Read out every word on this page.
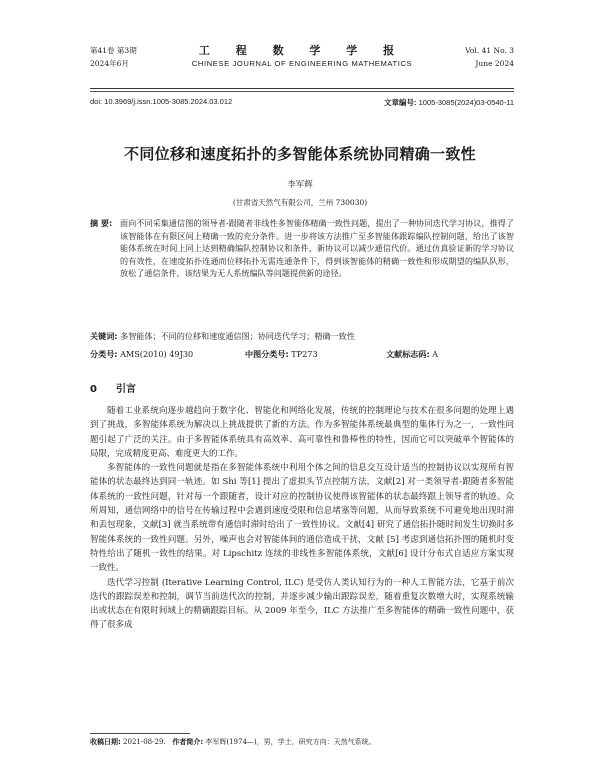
第41卷 第3期
2024年6月
工 程 数 学 学 报
CHINESE JOURNAL OF ENGINEERING MATHEMATICS
Vol. 41 No. 3
June 2024
doi: 10.3969/j.issn.1005-3085.2024.03.012	文章编号: 1005-3085(2024)03-0540-11
不同位移和速度拓扑的多智能体系统协同精确一致性
李军辉
(甘肃省天然气有限公司，兰州 730030)
摘 要: 面向不同采集通信图的领导者-跟随者非线性多智能体精确一致性问题，提出了一种协同迭代学习协议，推得了该智能体在有限区间上精确一致的充分条件。进一步将该方法推广至多智能体跟踪编队控制问题，给出了该智能体系统在时间上同上达到精确编队控制协议和条件，新协议可以减少通信代价。通过仿真验证新的学习协议的有效性，在速度拓扑连通而位移拓扑无需连通条件下，得到该智能体的精确一致性和形成期望的编队队形，放松了通信条件，该结果为无人系统编队等问题提供新的途径。
关键词: 多智能体；不同的位移和速度通信图；协同迭代学习；精确一致性
分类号: AMS(2010) 49J30	中图分类号: TP273	文献标志码: A
0 引言

随着工业系统向逐步越趋向于数字化、智能化和网络化发展，传统的控制理论与技术在很多问题的处理上遇到了挑战，多智能体系统为解决以上挑战提供了新的方法。作为多智能体系统最典型的集体行为之一，一致性问题引起了广泛的关注。由于多智能体系统具有高效率、高可靠性和鲁棒性的特性，因而它可以突破单个智能体的局限，完成精度更高、难度更大的工作。

多智能体的一致性问题就是指在多智能体系统中利用个体之间的信息交互设计适当的控制协议以实现所有智能体的状态最终达到同一轨迹。如 Shi 等[1] 提出了虚拟头节点控制方法，文献[2] 对一类领导者-跟随者多智能体系统的一致性问题，针对每一个跟随者，设计对应的控制协议使得该智能体的状态最终跟上领导者的轨迹。众所周知，通信网络中的信号在传输过程中会遇到速度受限和信息堵塞等问题，从而导致系统不可避免地出现时滞和丢包现象，文献[3] 就当系统带有通信时滞时给出了一致性协议。文献[4] 研究了通信拓扑随时间发生切换时多智能体系统的一致性问题。另外，噪声也会对智能体间的通信造成干扰，文献 [5] 考虑到通信拓扑图的随机时变特性给出了随机一致性的结果。对 Lipschitz 连续的非线性多智能体系统，文献[6] 设计分布式自适应方案实现一致性。

迭代学习控制 (Iterative Learning Control, ILC) 是受仿人类认知行为的一种人工智能方法，它基于前次迭代的跟踪误差和控制，调节当前迭代次的控制，并逐步减少输出跟踪误差，随着重复次数增大时，实现系统输出或状态在有限时间域上的精确跟踪目标。从 2009 年至今，ILC 方法推广至多智能体的精确一致性问题中，获得了很多成

收稿日期: 2021-08-29. 作者简介: 李军辉(1974—)，男，学士，研究方向：天然气系统。
